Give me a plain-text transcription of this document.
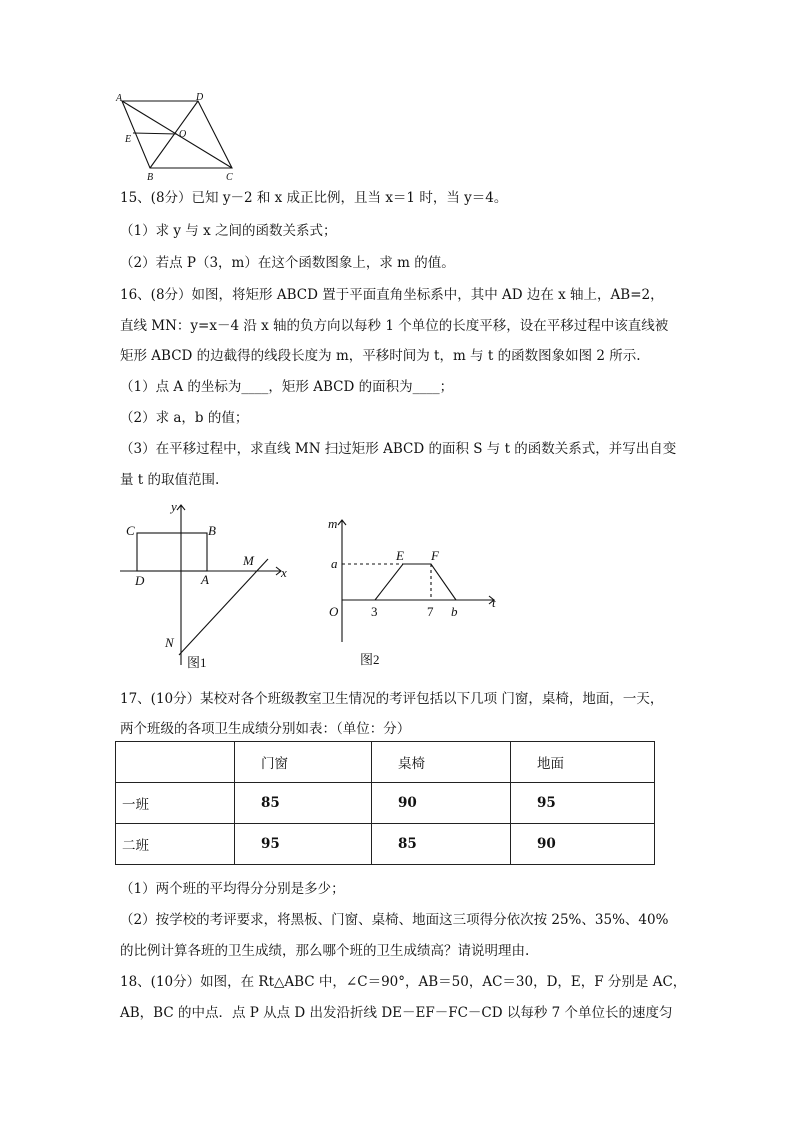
A	D
E	O
B	C
15、(8分）已知 y－2 和 x 成正比例，且当 x＝1 时，当 y＝4。
（1）求 y 与 x 之间的函数关系式；
（2）若点 P（3，m）在这个函数图象上，求 m 的值。
16、(8分）如图，将矩形 ABCD 置于平面直角坐标系中，其中 AD 边在 x 轴上，AB=2，
直线 MN：y=x－4 沿 x 轴的负方向以每秒 1 个单位的长度平移，设在平移过程中该直线被
矩形 ABCD 的边截得的线段长度为 m，平移时间为 t，m 与 t 的函数图象如图 2 所示.
（1）点 A 的坐标为____，矩形 ABCD 的面积为____；
（2）求 a，b 的值；
（3）在平移过程中，求直线 MN 扫过矩形 ABCD 的面积 S 与 t 的函数关系式，并写出自变
量 t 的取值范围.
y
x
C	B
D	A
M
N
图1
m
a
E F
O
t
b
3	7
图2
17、(10分）某校对各个班级教室卫生情况的考评包括以下几项 门窗，桌椅，地面，一天，
两个班级的各项卫生成绩分别如表：（单位：分）
	门窗	桌椅	地面
一班	85	90	95
二班	95	85	90
（1）两个班的平均得分分别是多少；
（2）按学校的考评要求，将黑板、门窗、桌椅、地面这三项得分依次按 25%、35%、40%
的比例计算各班的卫生成绩，那么哪个班的卫生成绩高？请说明理由.
18、(10分）如图，在 Rt△ABC 中，∠C＝90°，AB＝50，AC＝30，D，E，F 分别是 AC，
AB，BC 的中点．点 P 从点 D 出发沿折线 DE－EF－FC－CD 以每秒 7 个单位长的速度匀
